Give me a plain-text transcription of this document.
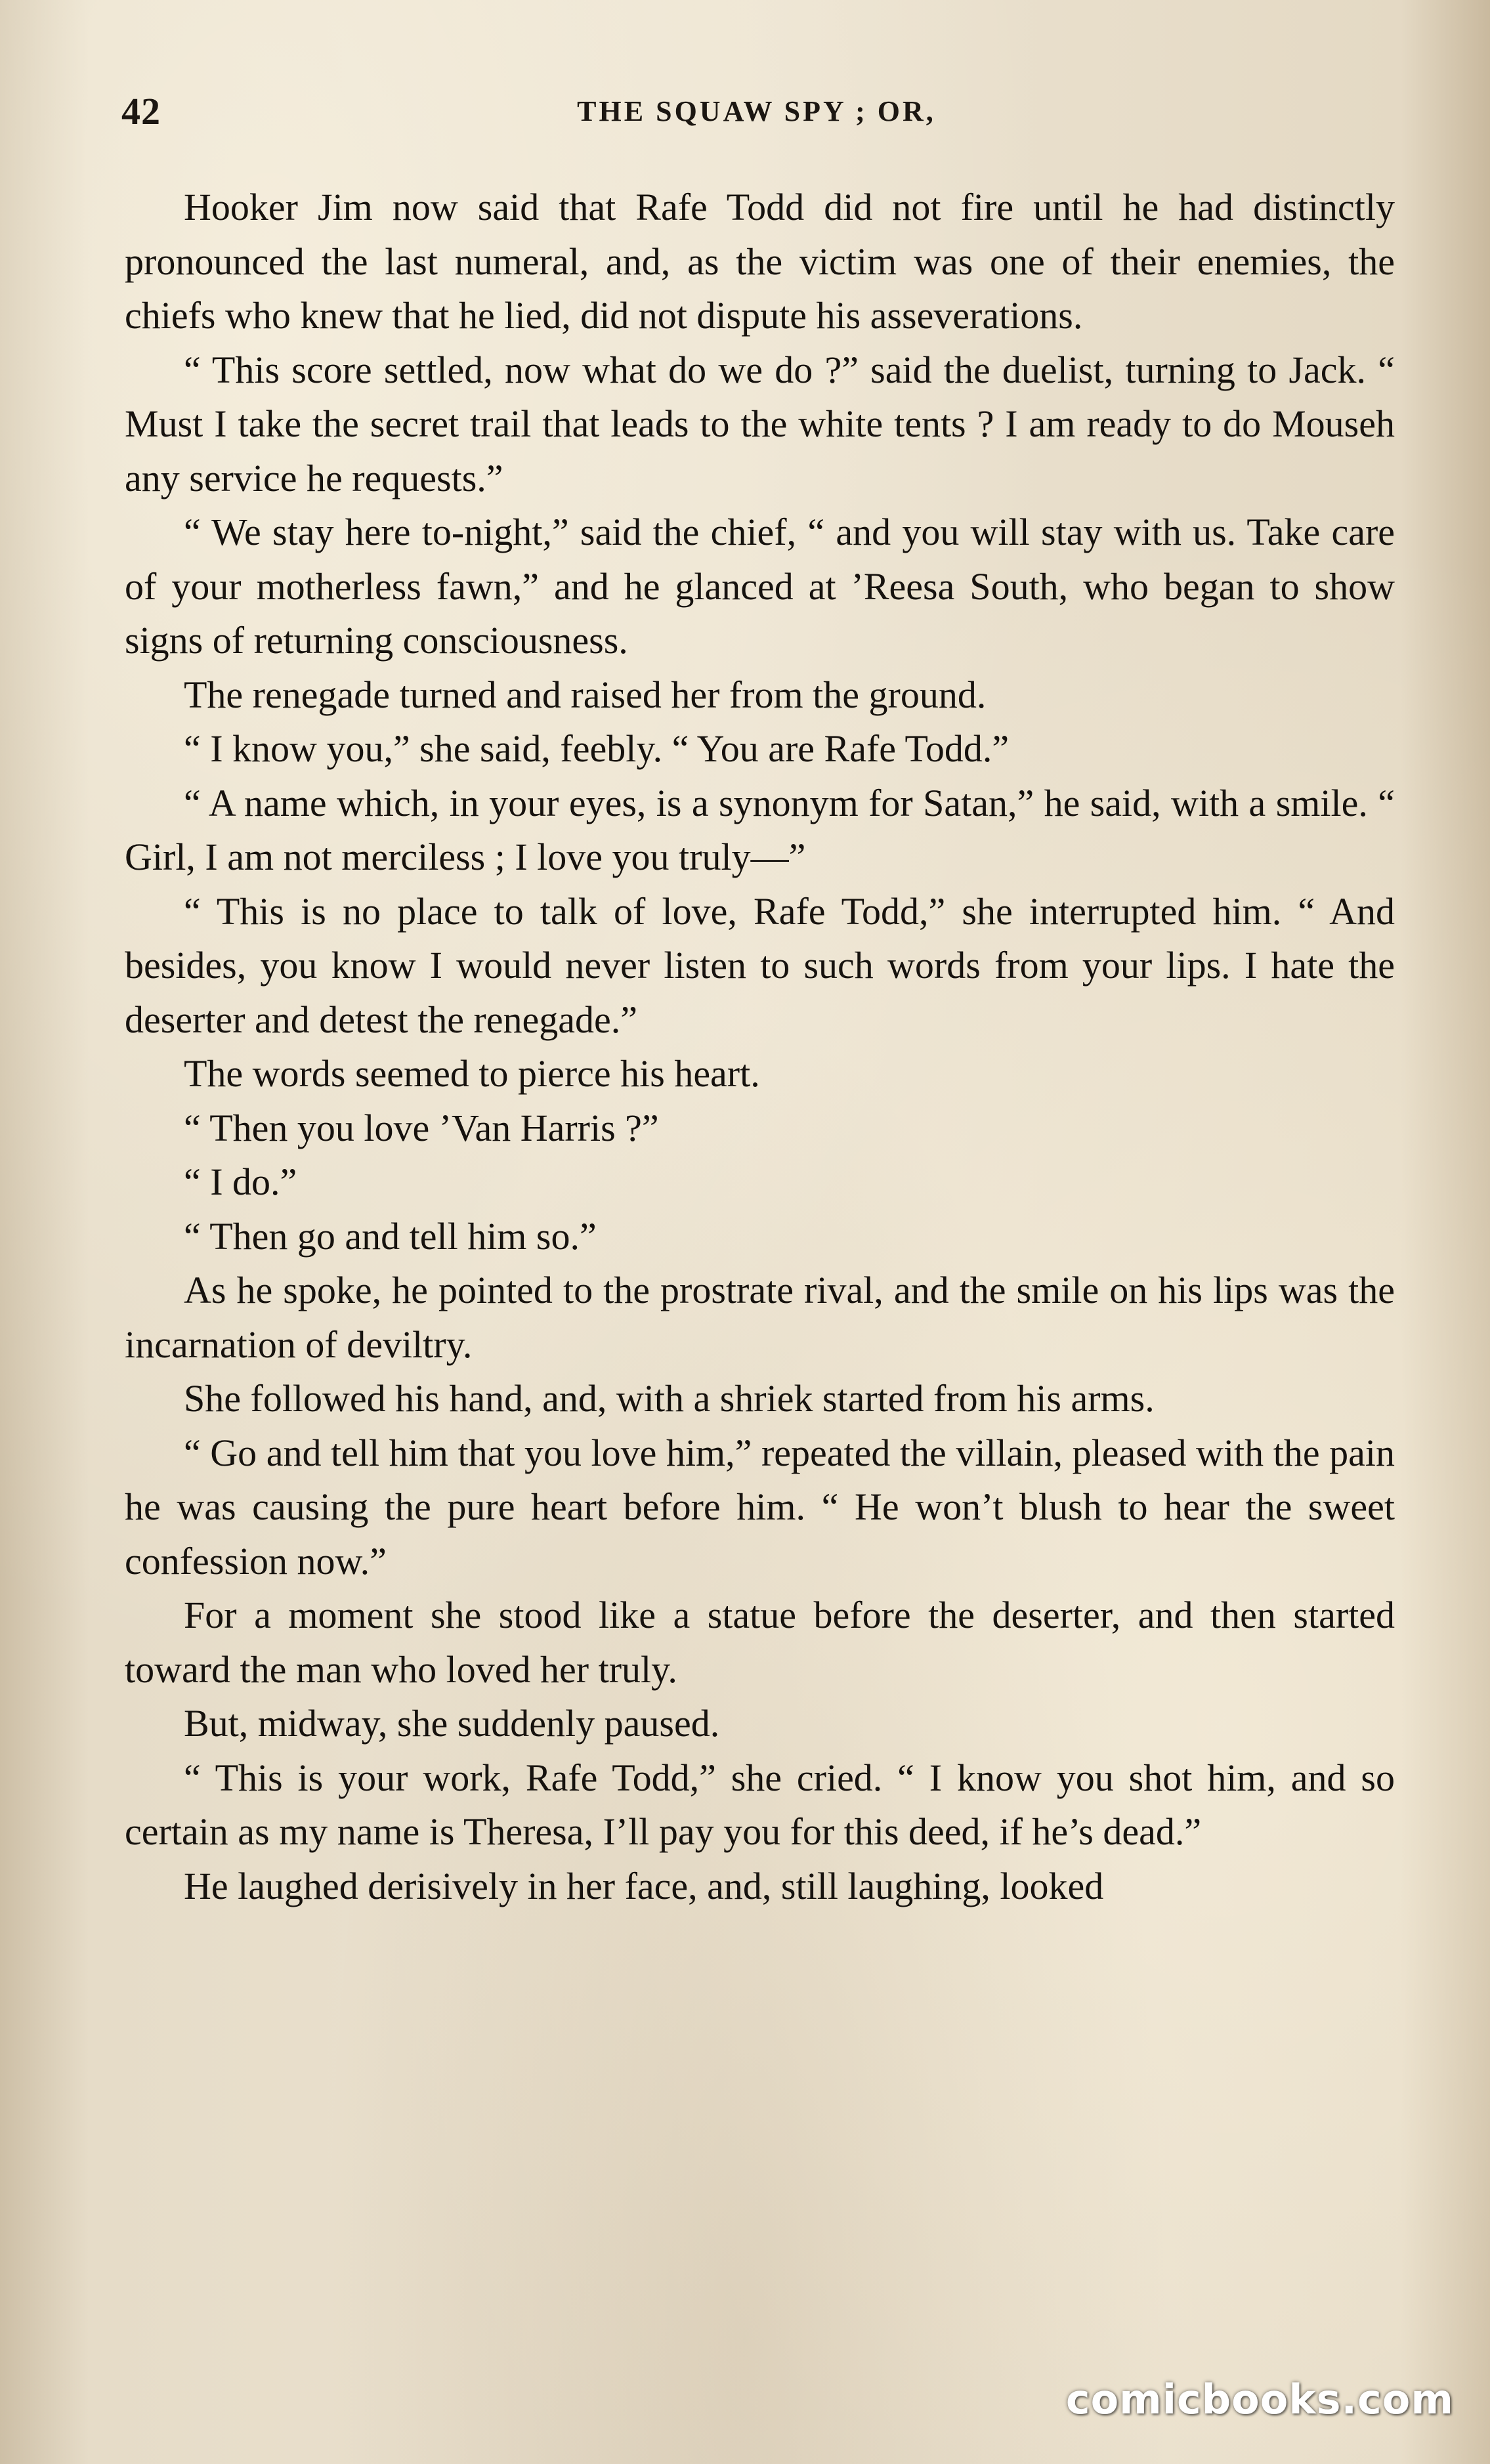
42	THE SQUAW SPY ; OR,

Hooker Jim now said that Rafe Todd did not fire until he had distinctly pronounced the last numeral, and, as the victim was one of their enemies, the chiefs who knew that he lied, did not dispute his asseverations.

“ This score settled, now what do we do ?” said the duelist, turning to Jack. “ Must I take the secret trail that leads to the white tents ? I am ready to do Mouseh any service he requests.”

“ We stay here to-night,” said the chief, “ and you will stay with us. Take care of your motherless fawn,” and he glanced at ’Reesa South, who began to show signs of returning consciousness.

The renegade turned and raised her from the ground.

“ I know you,” she said, feebly. “ You are Rafe Todd.”

“ A name which, in your eyes, is a synonym for Satan,” he said, with a smile. “ Girl, I am not merciless ; I love you truly—”

“ This is no place to talk of love, Rafe Todd,” she interrupted him. “ And besides, you know I would never listen to such words from your lips. I hate the deserter and detest the renegade.”

The words seemed to pierce his heart.

“ Then you love ’Van Harris ?”

“ I do.”

“ Then go and tell him so.”

As he spoke, he pointed to the prostrate rival, and the smile on his lips was the incarnation of deviltry.

She followed his hand, and, with a shriek started from his arms.

“ Go and tell him that you love him,” repeated the villain, pleased with the pain he was causing the pure heart before him. “ He won’t blush to hear the sweet confession now.”

For a moment she stood like a statue before the deserter, and then started toward the man who loved her truly.

But, midway, she suddenly paused.

“ This is your work, Rafe Todd,” she cried. “ I know you shot him, and so certain as my name is Theresa, I’ll pay you for this deed, if he’s dead.”

He laughed derisively in her face, and, still laughing, looked

comicbooks.com
